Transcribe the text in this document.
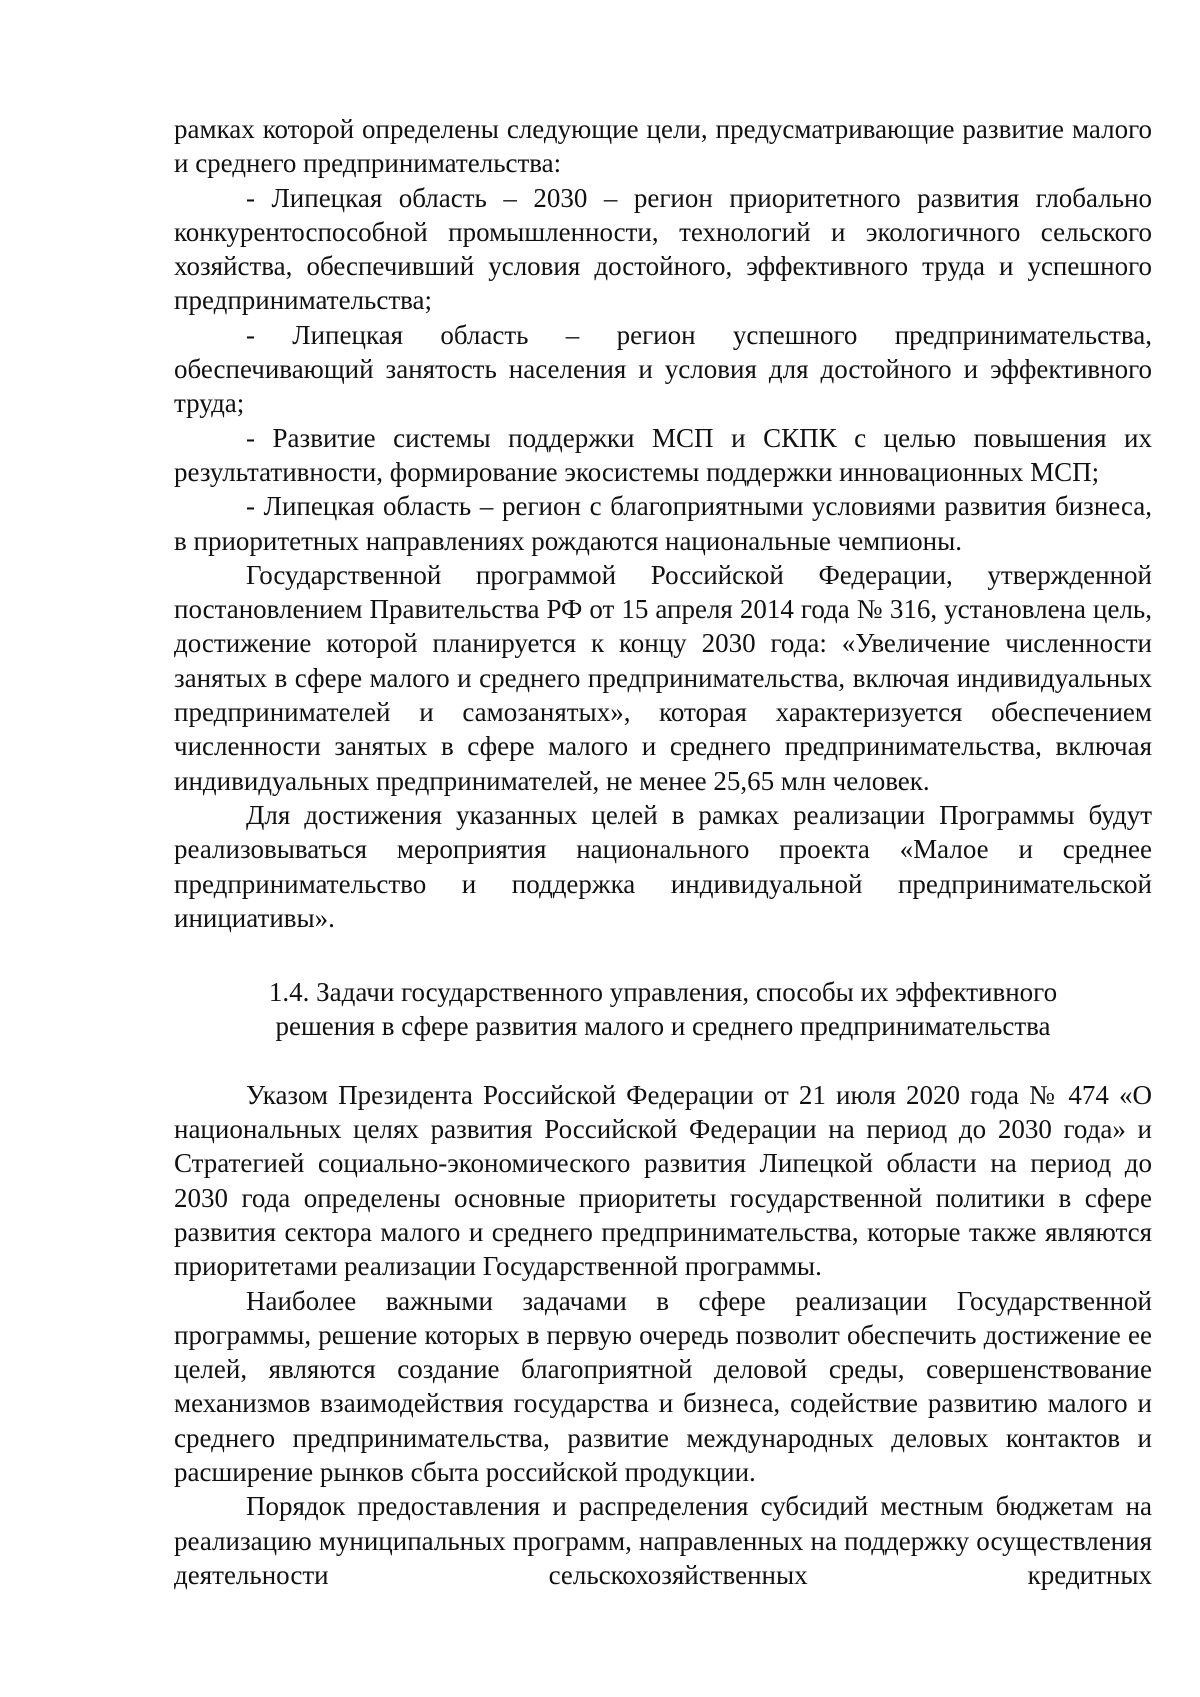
рамках которой определены следующие цели, предусматривающие развитие малого и среднего предпринимательства:

- Липецкая область – 2030 – регион приоритетного развития глобально конкурентоспособной промышленности, технологий и экологичного сельского хозяйства, обеспечивший условия достойного, эффективного труда и успешного предпринимательства;

- Липецкая область – регион успешного предпринимательства, обеспечивающий занятость населения и условия для достойного и эффективного труда;

- Развитие системы поддержки МСП и СКПК с целью повышения их результативности, формирование экосистемы поддержки инновационных МСП;

- Липецкая область – регион с благоприятными условиями развития бизнеса, в приоритетных направлениях рождаются национальные чемпионы.

Государственной программой Российской Федерации, утвержденной постановлением Правительства РФ от 15 апреля 2014 года № 316, установлена цель, достижение которой планируется к концу 2030 года: «Увеличение численности занятых в сфере малого и среднего предпринимательства, включая индивидуальных предпринимателей и самозанятых», которая характеризуется обеспечением численности занятых в сфере малого и среднего предпринимательства, включая индивидуальных предпринимателей, не менее 25,65 млн человек.

Для достижения указанных целей в рамках реализации Программы будут реализовываться мероприятия национального проекта «Малое и среднее предпринимательство и поддержка индивидуальной предпринимательской инициативы».

1.4. Задачи государственного управления, способы их эффективного решения в сфере развития малого и среднего предпринимательства

Указом Президента Российской Федерации от 21 июля 2020 года № 474 «О национальных целях развития Российской Федерации на период до 2030 года» и Стратегией социально-экономического развития Липецкой области на период до 2030 года определены основные приоритеты государственной политики в сфере развития сектора малого и среднего предпринимательства, которые также являются приоритетами реализации Государственной программы.

Наиболее важными задачами в сфере реализации Государственной программы, решение которых в первую очередь позволит обеспечить достижение ее целей, являются создание благоприятной деловой среды, совершенствование механизмов взаимодействия государства и бизнеса, содействие развитию малого и среднего предпринимательства, развитие международных деловых контактов и расширение рынков сбыта российской продукции.

Порядок предоставления и распределения субсидий местным бюджетам на реализацию муниципальных программ, направленных на поддержку осуществления деятельности сельскохозяйственных кредитных
